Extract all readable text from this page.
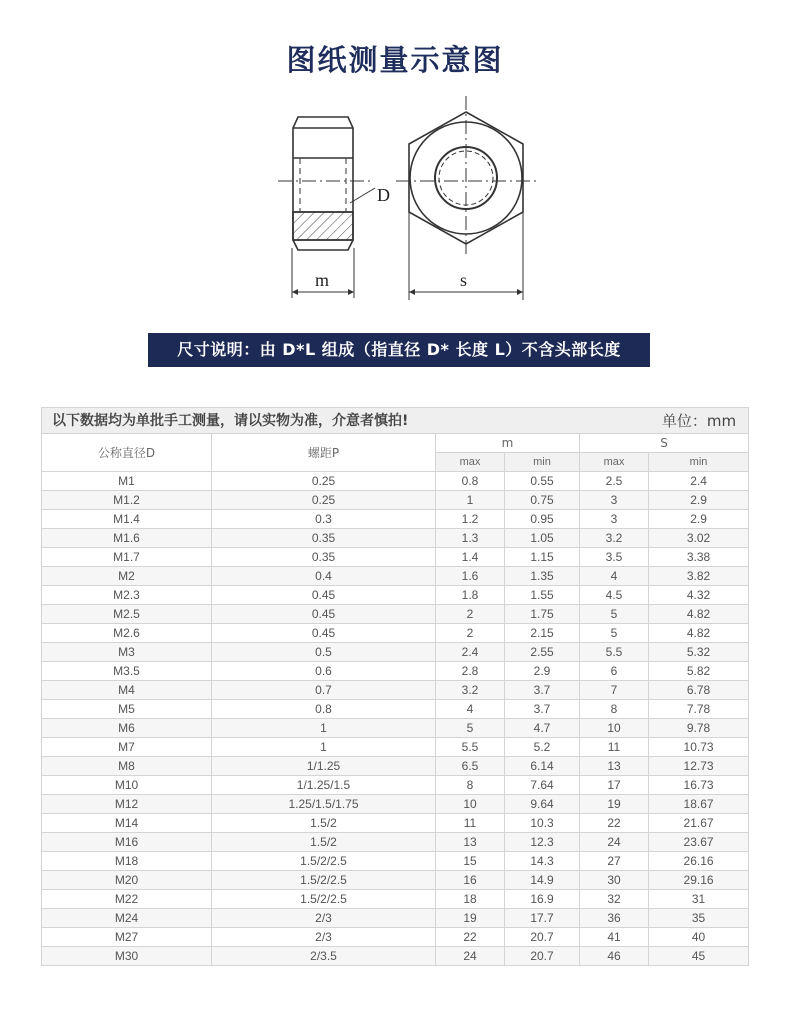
图纸测量示意图
D
m	s
尺寸说明：由 D*L 组成（指直径 D* 长度 L）不含头部长度
以下数据均为单批手工测量，请以实物为准，介意者慎拍! 单位：mm					

公称直径D	螺距P	m		S	
		max	min	max	min
M1	0.25	0.8	0.55	2.5	2.4
M1.2	0.25	1	0.75	3	2.9
M1.4	0.3	1.2	0.95	3	2.9
M1.6	0.35	1.3	1.05	3.2	3.02
M1.7	0.35	1.4	1.15	3.5	3.38
M2	0.4	1.6	1.35	4	3.82
M2.3	0.45	1.8	1.55	4.5	4.32
M2.5	0.45	2	1.75	5	4.82
M2.6	0.45	2	2.15	5	4.82
M3	0.5	2.4	2.55	5.5	5.32
M3.5	0.6	2.8	2.9	6	5.82
M4	0.7	3.2	3.7	7	6.78
M5	0.8	4	3.7	8	7.78
M6	1	5	4.7	10	9.78
M7	1	5.5	5.2	11	10.73
M8	1/1.25	6.5	6.14	13	12.73
M10	1/1.25/1.5	8	7.64	17	16.73
M12	1.25/1.5/1.75	10	9.64	19	18.67
M14	1.5/2	11	10.3	22	21.67
M16	1.5/2	13	12.3	24	23.67
M18	1.5/2/2.5	15	14.3	27	26.16
M20	1.5/2/2.5	16	14.9	30	29.16
M22	1.5/2/2.5	18	16.9	32	31
M24	2/3	19	17.7	36	35
M27	2/3	22	20.7	41	40
M30	2/3.5	24	20.7	46	45
